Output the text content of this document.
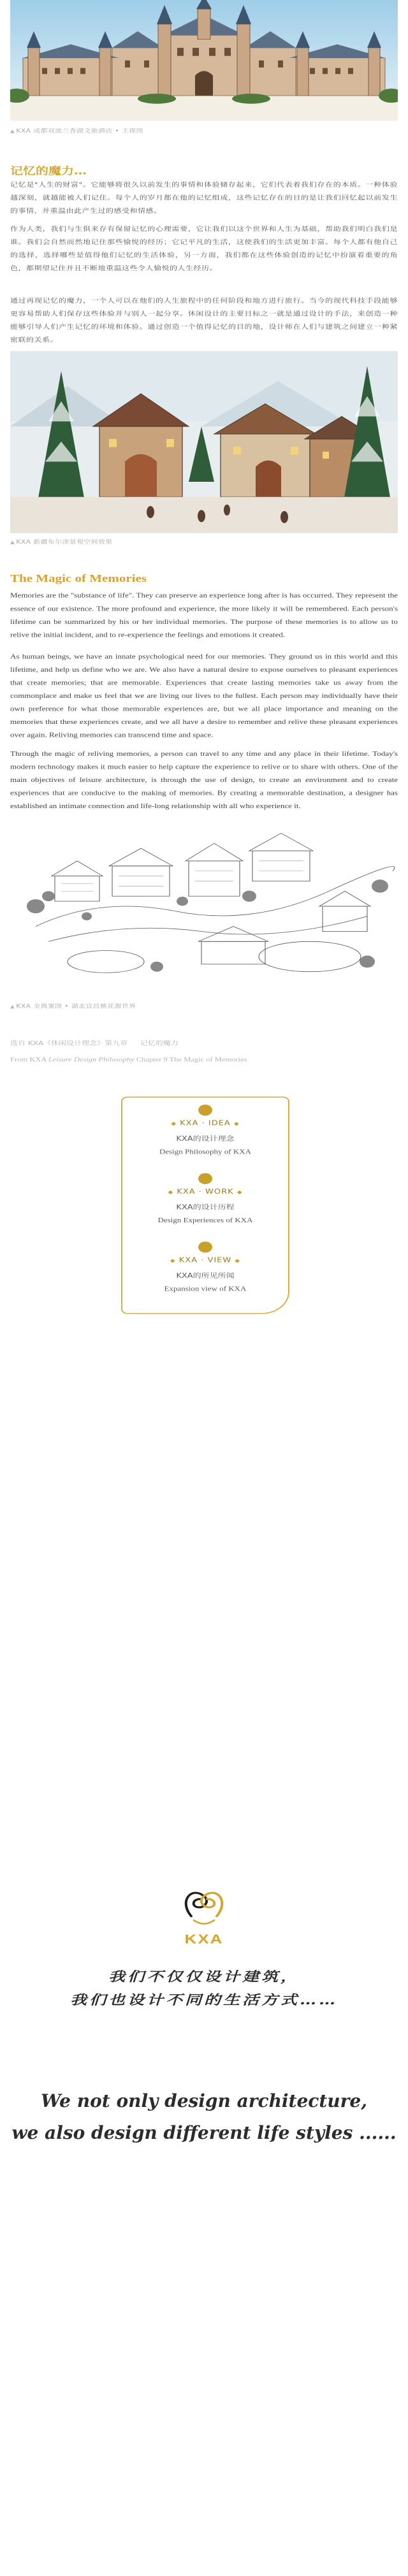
▲ KXA 成都双流兰香湖文旅酒店 • 主视图
记忆的魔力…

记忆是"人生的财富"。它能够将很久以前发生的事情和体验储存起来，它们代表着我们存在的本质。一种体验越深刻，就越能被人们记住。每个人的岁月都在他的记忆组成，这些记忆存在的目的是让我们回忆起以前发生的事情，并重温由此产生过的感受和情感。

作为人类，我们与生俱来存有保留记忆的心理需要，它让我们以这个世界和人生为基础，帮助我们明白我们是谁。我们会自然而然地记住那些愉悦的经历；它记平凡的生活，这使我们的生活更加丰富。每个人都有他自己的选择，选择哪些是值得他们记忆的生活体验，另一方面，我们都在这些体验创造的记忆中扮演着重要的角色，都期望记住并且不断地重温这些令人愉悦的人生经历。

通过再现记忆的魔力，一个人可以在他们的人生旅程中的任何阶段和地方进行旅行。当今的现代科技手段能够更容易帮助人们保存这些体验并与别人一起分享。休闲设计的主要目标之一就是通过设计的手法，来创造一种能够引导人们产生记忆的环境和体验。通过创造一个值得记忆的目的地，设计师在人们与建筑之间建立一种紧密联的关系。

▲ KXA 新疆布尔津景观空间效果
The Magic of Memories

Memories are the "substance of life". They can preserve an experience long after is has occurred. They represent the essence of our existence. The more profound and experience, the more likely it will be remembered. Each person's lifetime can be summarized by his or her individual memories. The purpose of these memories is to allow us to relive the initial incident, and to re-experience the feelings and emotions it created.

As human beings, we have an innate psychological need for our memories. They ground us in this world and this lifetime, and help us define who we are. We also have a natural desire to expose ourselves to pleasant experiences that create memories; that are memorable. Experiences that create lasting memories take us away from the commonplace and make us feel that we are living our lives to the fullest. Each person may individually have their own preference for what those memorable experiences are, but we all place importance and meaning on the memories that these experiences create, and we all have a desire to remember and relive these pleasant experiences over again. Reliving memories can transcend time and space.

Through the magic of reliving memories, a person can travel to any time and any place in their lifetime. Today's modern technology makes it much easier to help capture the experience to relive or to share with others. One of the main objectives of leisure architecture, is through the use of design, to create an environment and to create experiences that are conducive to the making of memories. By creating a memorable destination, a designer has established an intimate connection and life-long relationship with all who experience it.

▲ KXA 全典案图 • 湖北宜昌桃花源世界
选自 KXA《休闲设计理念》第九章 　 记忆的魔力
From KXA Leisure Design Philosophy Chapter 9 The Magic of Memories
◆ KXA · IDEA ◆
KXA的设计理念
Design Philosophy of KXA
◆ KXA · WORK ◆
KXA的设计历程
Design Experiences of KXA
◆ KXA · VIEW ◆
KXA的所见所闻
Expansion view of KXA
KXA
我们不仅仅设计建筑，
我们也设计不同的生活方式……
We not only design architecture,
we also design different life styles ......
